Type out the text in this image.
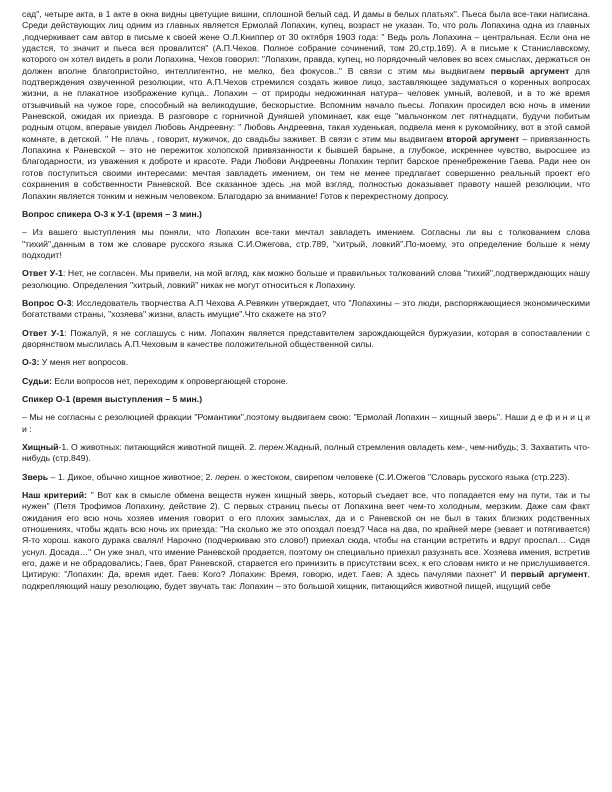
сад", четыре акта, в 1 акте в окна видны цветущие вишни, сплошной белый сад. И дамы в белых платьях". Пьеса была все-таки написана. Среди действующих лиц одним из главных является Ермолай Лопахин, купец, возраст не указан. То, что роль Лопахина одна из главных ,подчеркивает сам автор в письме к своей жене О.Л.Книппер от 30 октября 1903 года: " Ведь роль Лопахина – центральная. Если она не удастся, то значит и пьеса вся провалится" (А.П.Чехов. Полное собрание сочинений, том 20,стр.169). А в письме к Станиславскому, которого он хотел видеть в роли Лопахина, Чехов говорил: "Лопахин, правда, купец, но порядочный человек во всех смыслах, держаться он должен вполне благопристойно, интеллигентно, не мелко, без фокусов.." В связи с этим мы выдвигаем первый аргумент для подтверждения озвученной резолюции, что А.П.Чехов стремился создать живое лицо, заставляющее задуматься о коренных вопросах жизни, а не плакатное изображение купца.. Лопахин – от природы недюжинная натура– человек умный, волевой, и в то же время отзывчивый на чужое горе, способный на великодушие, бескорыстие. Вспомним начало пьесы. Лопахин просидел всю ночь в имении Раневской, ожидая их приезда. В разговоре с горничной Дуняшей упоминает, как еще "мальчонком лет пятнадцати, будучи побитым родным отцом, впервые увидел Любовь Андреевну: " Любовь Андреевна, такая худенькая, подвела меня к рукомойнику, вот в этой самой комнате, в детской. " Не плачь , говорит, мужичок, до свадьбы заживет. В связи с этим мы выдвигаем второй аргумент – привязанность Лопахина к Раневской – это не пережиток холопской привязанности к бывшей барыне, а глубокое, искреннее чувство, выросшее из благодарности, из уважения к доброте и красоте. Ради Любови Андреевны Лопахин терпит барское пренебрежение Гаева. Ради нее он готов поступиться своими интересами: мечтая завладеть имением, он тем не менее предлагает совершенно реальный проект его сохранения в собственности Раневской. Все сказанное здесь ,на мой взгляд, полностью доказывает правоту нашей резолюции, что Лопахин является тонким и нежным человеком. Благодарю за внимание! Готов к перекрестному допросу.

Вопрос спикера О-3 к У-1 (время – 3 мин.)

– Из вашего выступления мы поняли, что Лопахин все-таки мечтал завладеть имением. Согласны ли вы с толкованием слова "тихий",данным в том же словаре русского языка С.И.Ожегова, стр.789, "хитрый, ловкий".По-моему, это определение больше к нему подходит!

Ответ У-1: Нет, не согласен. Мы привели, на мой вгляд, как можно больше и правильных толкований слова "тихий",подтверждающих нашу резолюцию. Определения "хитрый, ловкий" никак не могут относиться к Лопахину.

Вопрос О-3: Исследователь творчества А.П Чехова А.Ревякин утверждает, что "Лопахины – это люди, распоряжающиеся экономическими богатствами страны, "хозяева" жизни, власть имущие".Что скажете на это?

Ответ У-1: Пожалуй, я не соглашусь с ним. Лопахин является представителем зарождающейся буржуазии, которая в сопоставлении с дворянством мыслилась А.П.Чеховым в качестве положительной общественной силы.

О-3: У меня нет вопросов.

Судьи: Если вопросов нет, переходим к опровергающей стороне.

Спикер О-1 (время выступления – 5 мин.)

– Мы не согласны с резолюцией фракции "Романтики",поэтому выдвигаем свою: "Ермолай Лопахин – хищный зверь". Наши д е ф и н и ц и и :

Хищный-1. О животных: питающийся животной пищей. 2. перен.Жадный, полный стремления овладеть кем-, чем-нибудь; 3. Захватить что-нибудь (стр.849).

Зверь – 1. Дикое, обычно хищное животное; 2. перен. о жестоком, свирепом человеке (С.И.Ожегов "Словарь русского языка (стр.223).

Наш критерий: " Вот как в смысле обмена веществ нужен хищный зверь, который съедает все, что попадается ему на пути, так и ты нужен" (Петя Трофимов Лопахину, действие 2). С первых страниц пьесы от Лопахина веет чем-то холодным, мерзким. Даже сам факт ожидания его всю ночь хозяев имения говорит о его плохих замыслах, да и с Раневской он не был в таких близких родственных отношениях, чтобы ждать всю ночь их приезда: "На сколько же это опоздал поезд? Часа на два, по крайней мере (зевает и потягивается) Я-то хорош. какого дурака свалял! Нарочно (подчеркиваю это слово!) приехал сюда, чтобы на станции встретить и вдруг проспал… Сидя уснул. Досада…" Он уже знал, что имение Раневской продается, поэтому он специально приехал разузнать все. Хозяева имения, встретив его, даже и не обрадовались; Гаев, брат Раневской, старается его принизить в присутствии всех, к его словам никто и не прислушивается. Цитирую: "Лопахин: Да, время идет. Гаев: Кого? Лопахин: Время, говорю, идет. Гаев: А здесь пачулями пахнет" И первый аргумент, подкрепляющий нашу резолюцию, будет звучать так: Лопахин – это большой хищник, питающийся животной пищей, ищущий себе
